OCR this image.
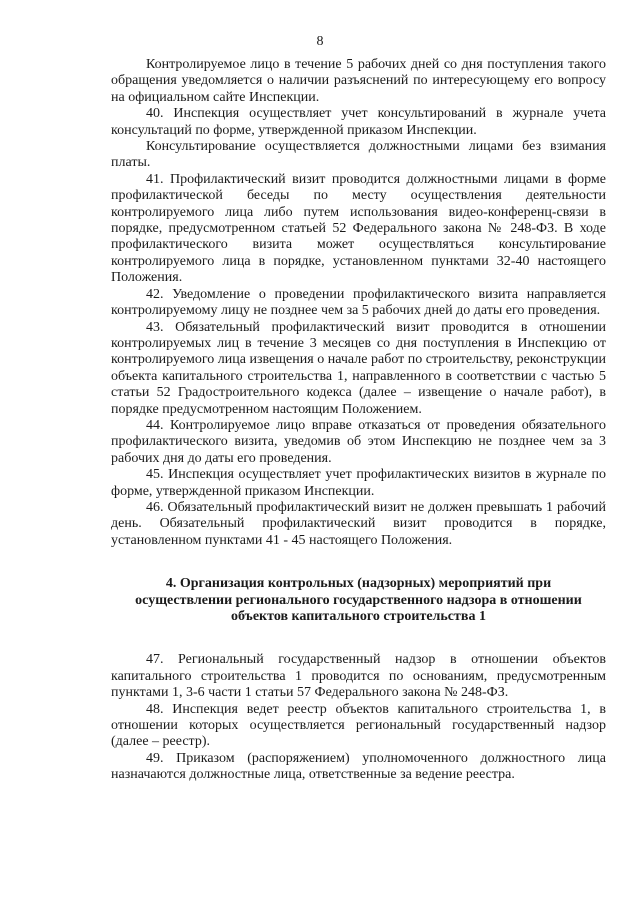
8

Контролируемое лицо в течение 5 рабочих дней со дня поступления такого обращения уведомляется о наличии разъяснений по интересующему его вопросу на официальном сайте Инспекции.

40. Инспекция осуществляет учет консультирований в журнале учета консультаций по форме, утвержденной приказом Инспекции.

Консультирование осуществляется должностными лицами без взимания платы.

41. Профилактический визит проводится должностными лицами в форме профилактической беседы по месту осуществления деятельности контролируемого лица либо путем использования видео-конференц-связи в порядке, предусмотренном статьей 52 Федерального закона № 248-ФЗ. В ходе профилактического визита может осуществляться консультирование контролируемого лица в порядке, установленном пунктами 32-40 настоящего Положения.

42. Уведомление о проведении профилактического визита направляется контролируемому лицу не позднее чем за 5 рабочих дней до даты его проведения.

43. Обязательный профилактический визит проводится в отношении контролируемых лиц в течение 3 месяцев со дня поступления в Инспекцию от контролируемого лица извещения о начале работ по строительству, реконструкции объекта капитального строительства 1, направленного в соответствии с частью 5 статьи 52 Градостроительного кодекса (далее – извещение о начале работ), в порядке предусмотренном настоящим Положением.

44. Контролируемое лицо вправе отказаться от проведения обязательного профилактического визита, уведомив об этом Инспекцию не позднее чем за 3 рабочих дня до даты его проведения.

45. Инспекция осуществляет учет профилактических визитов в журнале по форме, утвержденной приказом Инспекции.

46. Обязательный профилактический визит не должен превышать 1 рабочий день. Обязательный профилактический визит проводится в порядке, установленном пунктами 41 - 45 настоящего Положения.

4. Организация контрольных (надзорных) мероприятий при осуществлении регионального государственного надзора в отношении объектов капитального строительства 1

47. Региональный государственный надзор в отношении объектов капитального строительства 1 проводится по основаниям, предусмотренным пунктами 1, 3-6 части 1 статьи 57 Федерального закона № 248-ФЗ.

48. Инспекция ведет реестр объектов капитального строительства 1, в отношении которых осуществляется региональный государственный надзор (далее – реестр).

49. Приказом (распоряжением) уполномоченного должностного лица назначаются должностные лица, ответственные за ведение реестра.
